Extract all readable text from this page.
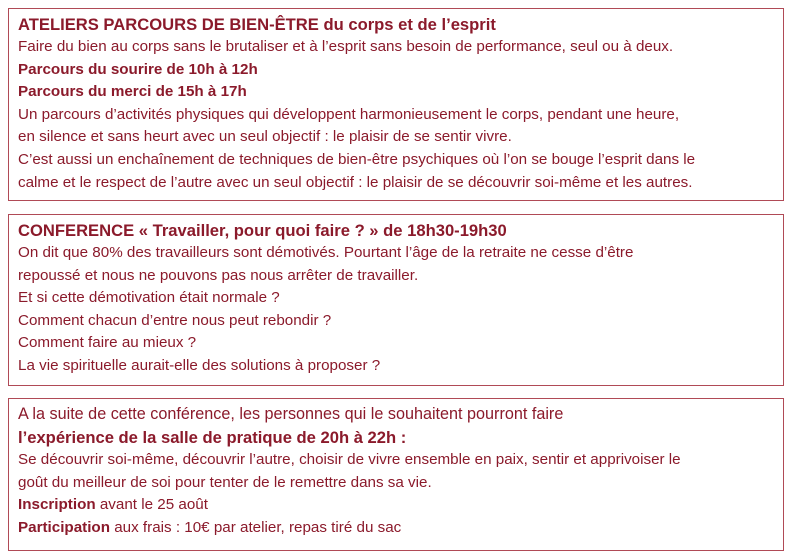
ATELIERS PARCOURS DE BIEN-ÊTRE du corps et de l’esprit
Faire du bien au corps sans le brutaliser et à l’esprit sans besoin de performance, seul ou à deux.
Parcours du sourire de 10h à 12h
Parcours du merci de 15h à 17h
Un parcours d’activités physiques qui développent harmonieusement le corps, pendant une heure,
en silence et sans heurt avec un seul objectif : le plaisir de se sentir vivre.
C’est aussi un enchaînement de techniques de bien-être psychiques où l’on se bouge l’esprit dans le
calme et le respect de l’autre avec un seul objectif : le plaisir de se découvrir soi-même et les autres.
CONFERENCE « Travailler, pour quoi faire ? » de 18h30-19h30
On dit que 80% des travailleurs sont démotivés. Pourtant l’âge de la retraite ne cesse d’être
repoussé et nous ne pouvons pas nous arrêter de travailler.
Et si cette démotivation était normale ?
Comment chacun d’entre nous peut rebondir ?
Comment faire au mieux ?
La vie spirituelle aurait-elle des solutions à proposer ?
A la suite de cette conférence, les personnes qui le souhaitent pourront faire
l’expérience de la salle de pratique de 20h à 22h :
Se découvrir soi-même, découvrir l’autre, choisir de vivre ensemble en paix, sentir et apprivoiser le
goût du meilleur de soi pour tenter de le remettre dans sa vie.
Inscription avant le 25 août
Participation aux frais : 10€ par atelier, repas tiré du sac
